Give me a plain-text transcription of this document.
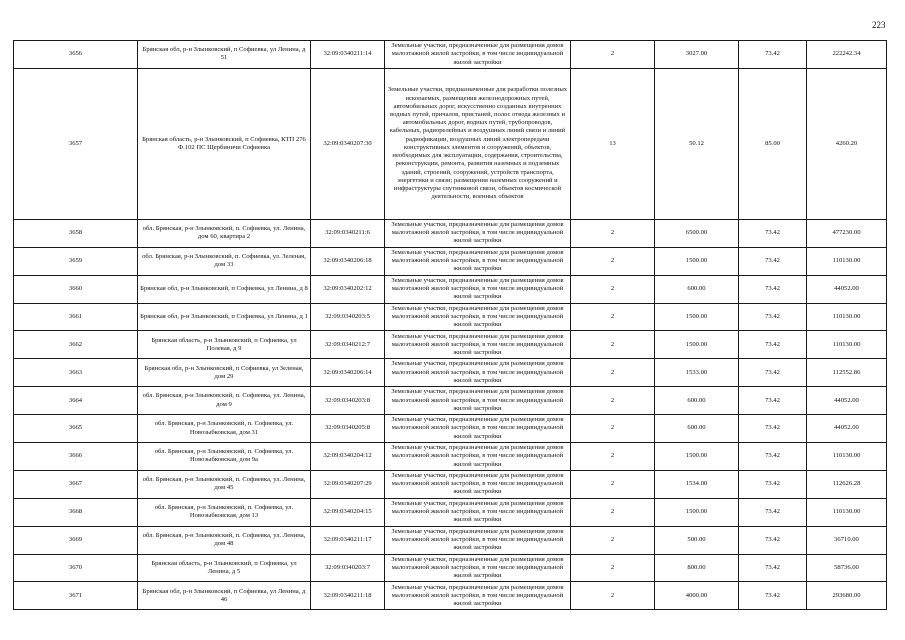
223
3656	Брянская обл, р-н Злынковский, п Софиевка, ул Ленина, д 51	32:09:0340211:14	Земельные участки, предназначенные для размещения домов малоэтажной жилой застройки, в том числе индивидуальной жилой застройки	2	3027.00	73.42	222242.34
3657	Брянская область, р-н Злынковский, п Софиевка, КТП 276 Ф.102 ПС Щербиничи Софиевка	32:09:0340207:30	Земельные участки, предназначенные для разработки полезных ископаемых, размещения железнодорожных путей, автомобильных дорог, искусственно созданных внутренних водных путей, причалов, пристаней, полос отвода железных и автомобильных дорог, водных путей, трубопроводов, кабельных, радиорелейных и воздушных линий связи и линий радиофикации, воздушных линий электропередачи конструктивных элементов и сооружений, объектов, необходимых для эксплуатации, содержания, строительства, реконструкции, ремонта, развития наземных и подземных зданий, строений, сооружений, устройств транспорта, энергетики и связи; размещения наземных сооружений и инфраструктуры спутниковой связи, объектов космической деятельности, военных объектов	13	50.12	85.00	4260.20
3658	обл. Брянская, р-н Злынковский, п. Софиевка, ул. Ленина, дом 60, квартира 2	32:09:0340211:6	Земельные участки, предназначенные для размещения домов малоэтажной жилой застройки, в том числе индивидуальной жилой застройки	2	6500.00	73.42	477230.00
3659	обл. Брянская, р-н Злынковский, п. Софиевка, ул. Зеленая, дом 33	32:09:0340206:18	Земельные участки, предназначенные для размещения домов малоэтажной жилой застройки, в том числе индивидуальной жилой застройки	2	1500.00	73.42	110130.00
3660	Брянская обл, р-н Злынковский, п Софиевка, ул Ленина, д 8	32:09:0340202:12	Земельные участки, предназначенные для размещения домов малоэтажной жилой застройки, в том числе индивидуальной жилой застройки	2	600.00	73.42	44052.00
3661	Брянская обл, р-н Злынковский, п Софиевка, ул Ленина, д 1	32:09:0340203:5	Земельные участки, предназначенные для размещения домов малоэтажной жилой застройки, в том числе индивидуальной жилой застройки	2	1500.00	73.42	110130.00
3662	Брянская область, р-н Злынковский, п Софиевка, ул Полевая, д 9	32:09:0340212:7	Земельные участки, предназначенные для размещения домов малоэтажной жилой застройки, в том числе индивидуальной жилой застройки	2	1500.00	73.42	110130.00
3663	Брянская обл, р-н Злынковский, п Софиевка, ул Зеленая, дом 29	32:09:0340206:14	Земельные участки, предназначенные для размещения домов малоэтажной жилой застройки, в том числе индивидуальной жилой застройки	2	1533.00	73.42	112552.86
3664	обл. Брянская, р-н Злынковский, п. Софиевка, ул. Ленина, дом 9	32:09:0340203:8	Земельные участки, предназначенные для размещения домов малоэтажной жилой застройки, в том числе индивидуальной жилой застройки	2	600.00	73.42	44052.00
3665	обл. Брянская, р-н Злынковский, п. Софиевка, ул. Новозыбковская, дом 31	32:09:0340205:8	Земельные участки, предназначенные для размещения домов малоэтажной жилой застройки, в том числе индивидуальной жилой застройки	2	600.00	73.42	44052.00
3666	обл. Брянская, р-н Злынковский, п. Софиевка, ул. Новозыбковская, дом 9а	32:09:0340204:12	Земельные участки, предназначенные для размещения домов малоэтажной жилой застройки, в том числе индивидуальной жилой застройки	2	1500.00	73.42	110130.00
3667	обл. Брянская, р-н Злынковский, п. Софиевка, ул. Ленина, дом 45	32:09:0340207:29	Земельные участки, предназначенные для размещения домов малоэтажной жилой застройки, в том числе индивидуальной жилой застройки	2	1534.00	73.42	112626.28
3668	обл. Брянская, р-н Злынковский, п. Софиевка, ул. Новозыбковская, дом 13	32:09:0340204:15	Земельные участки, предназначенные для размещения домов малоэтажной жилой застройки, в том числе индивидуальной жилой застройки	2	1500.00	73.42	110130.00
3669	обл. Брянская, р-н Злынковский, п. Софиевка, ул. Ленина, дом 48	32:09:0340211:17	Земельные участки, предназначенные для размещения домов малоэтажной жилой застройки, в том числе индивидуальной жилой застройки	2	500.00	73.42	36710.00
3670	Брянская область, р-н Злынковский, п Софиевка, ул Ленина, д 5	32:09:0340203:7	Земельные участки, предназначенные для размещения домов малоэтажной жилой застройки, в том числе индивидуальной жилой застройки	2	800.00	73.42	58736.00
3671	Брянская обл, р-н Злынковский, п Софиевка, ул Ленина, д 46	32:09:0340211:18	Земельные участки, предназначенные для размещения домов малоэтажной жилой застройки, в том числе индивидуальной жилой застройки	2	4000.00	73.42	293680.00
